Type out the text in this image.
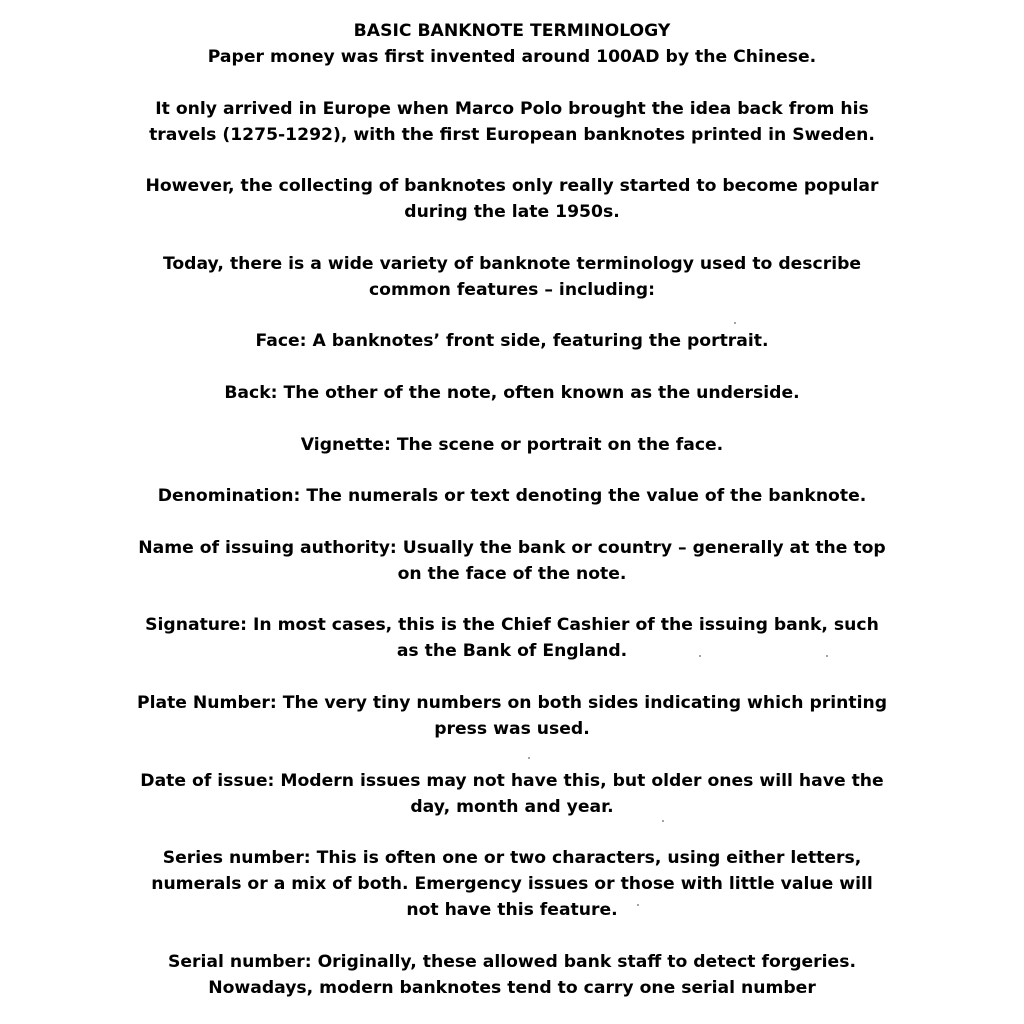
BASIC BANKNOTE TERMINOLOGY
Paper money was first invented around 100AD by the Chinese.
It only arrived in Europe when Marco Polo brought the idea back from his
travels (1275-1292), with the first European banknotes printed in Sweden.
However, the collecting of banknotes only really started to become popular
during the late 1950s.
Today, there is a wide variety of banknote terminology used to describe
common features – including:
Face: A banknotes’ front side, featuring the portrait.
Back: The other of the note, often known as the underside.
Vignette: The scene or portrait on the face.
Denomination: The numerals or text denoting the value of the banknote.
Name of issuing authority: Usually the bank or country – generally at the top
on the face of the note.
Signature: In most cases, this is the Chief Cashier of the issuing bank, such
as the Bank of England.
Plate Number: The very tiny numbers on both sides indicating which printing
press was used.
Date of issue: Modern issues may not have this, but older ones will have the
day, month and year.
Series number: This is often one or two characters, using either letters,
numerals or a mix of both. Emergency issues or those with little value will
not have this feature.
Serial number: Originally, these allowed bank staff to detect forgeries.
Nowadays, modern banknotes tend to carry one serial number
